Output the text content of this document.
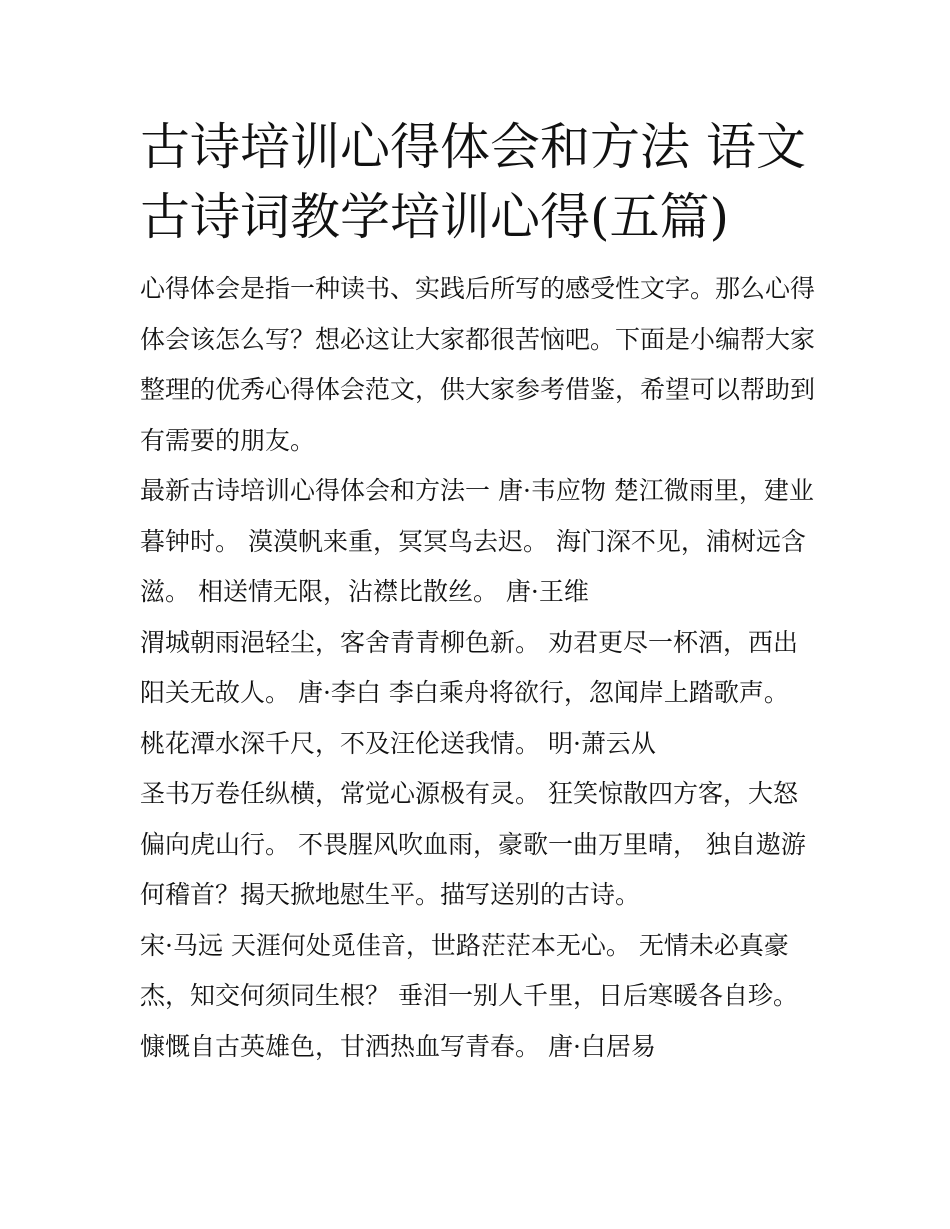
古诗培训心得体会和方法 语文古诗词教学培训心得(五篇)

心得体会是指一种读书、实践后所写的感受性文字。那么心得体会该怎么写？想必这让大家都很苦恼吧。下面是小编帮大家整理的优秀心得体会范文，供大家参考借鉴，希望可以帮助到有需要的朋友。

最新古诗培训心得体会和方法一 唐·韦应物 楚江微雨里，建业暮钟时。 漠漠帆来重，冥冥鸟去迟。 海门深不见，浦树远含滋。 相送情无限，沾襟比散丝。 唐·王维

渭城朝雨浥轻尘，客舍青青柳色新。 劝君更尽一杯酒，西出阳关无故人。 唐·李白 李白乘舟将欲行，忽闻岸上踏歌声。 桃花潭水深千尺，不及汪伦送我情。 明·萧云从

圣书万卷任纵横，常觉心源极有灵。 狂笑惊散四方客，大怒偏向虎山行。 不畏腥风吹血雨，豪歌一曲万里晴， 独自遨游何稽首？揭天掀地慰生平。描写送别的古诗。

宋·马远 天涯何处觅佳音，世路茫茫本无心。 无情未必真豪杰，知交何须同生根？ 垂泪一别人千里，日后寒暖各自珍。 慷慨自古英雄色，甘洒热血写青春。 唐·白居易
